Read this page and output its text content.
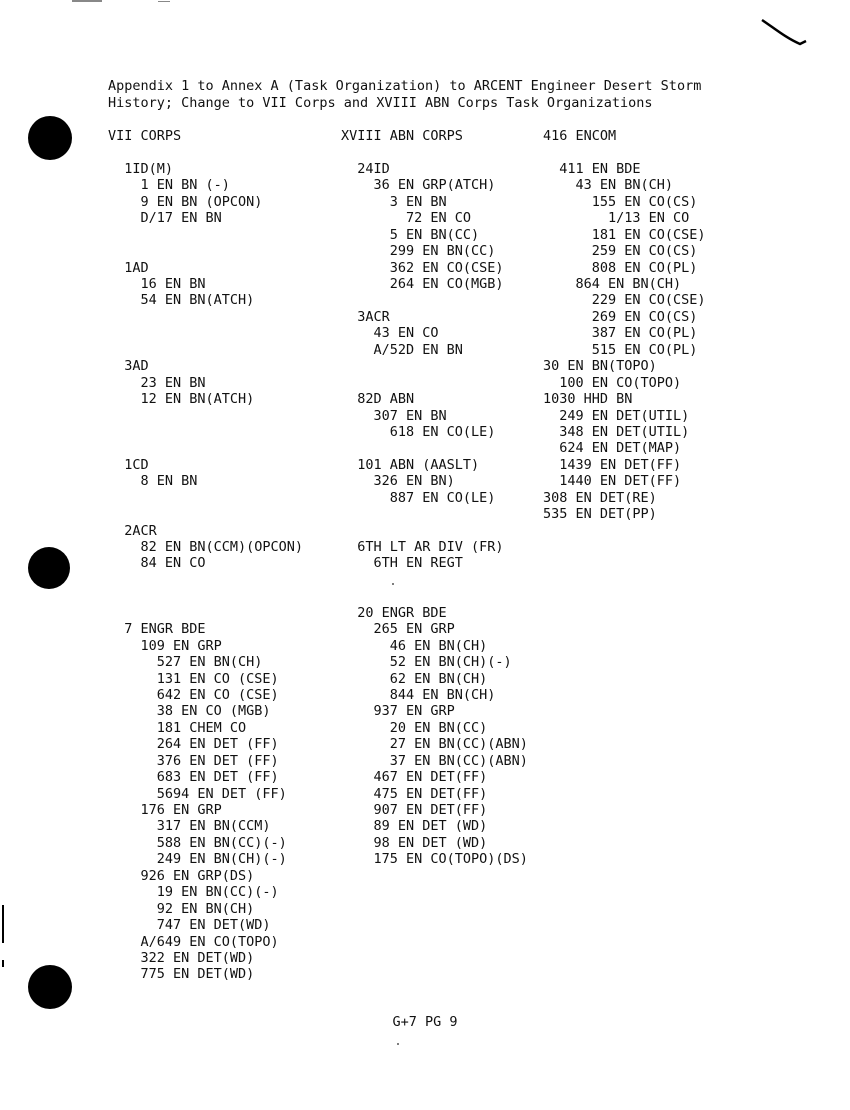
Appendix 1 to Annex A (Task Organization) to ARCENT Engineer Desert Storm
History; Change to VII Corps and XVIII ABN Corps Task Organizations
VII CORPS
1ID(M)
1 EN BN (-)
9 EN BN (OPCON)
D/17 EN BN
1AD
16 EN BN
54 EN BN(ATCH)
3AD
23 EN BN
12 EN BN(ATCH)
1CD
8 EN BN
2ACR
82 EN BN(CCM)(OPCON)
84 EN CO
7 ENGR BDE
109 EN GRP
527 EN BN(CH)
131 EN CO (CSE)
642 EN CO (CSE)
38 EN CO (MGB)
181 CHEM CO
264 EN DET (FF)
376 EN DET (FF)
683 EN DET (FF)
5694 EN DET (FF)
176 EN GRP
317 EN BN(CCM)
588 EN BN(CC)(-)
249 EN BN(CH)(-)
926 EN GRP(DS)
19 EN BN(CC)(-)
92 EN BN(CH)
747 EN DET(WD)
A/649 EN CO(TOPO)
322 EN DET(WD)
775 EN DET(WD)
XVIII ABN CORPS
24ID
36 EN GRP(ATCH)
3 EN BN
72 EN CO
5 EN BN(CC)
299 EN BN(CC)
362 EN CO(CSE)
264 EN CO(MGB)
3ACR
43 EN CO
A/52D EN BN
82D ABN
307 EN BN
618 EN CO(LE)
101 ABN (AASLT)
326 EN BN)
887 EN CO(LE)
6TH LT AR DIV (FR)
6TH EN REGT
20 ENGR BDE
265 EN GRP
46 EN BN(CH)
52 EN BN(CH)(-)
62 EN BN(CH)
844 EN BN(CH)
937 EN GRP
20 EN BN(CC)
27 EN BN(CC)(ABN)
37 EN BN(CC)(ABN)
467 EN DET(FF)
475 EN DET(FF)
907 EN DET(FF)
89 EN DET (WD)
98 EN DET (WD)
175 EN CO(TOPO)(DS)
416 ENCOM
411 EN BDE
43 EN BN(CH)
155 EN CO(CS)
1/13 EN CO
181 EN CO(CSE)
259 EN CO(CS)
808 EN CO(PL)
864 EN BN(CH)
229 EN CO(CSE)
269 EN CO(CS)
387 EN CO(PL)
515 EN CO(PL)
30 EN BN(TOPO)
100 EN CO(TOPO)
1030 HHD BN
249 EN DET(UTIL)
348 EN DET(UTIL)
624 EN DET(MAP)
1439 EN DET(FF)
1440 EN DET(FF)
308 EN DET(RE)
535 EN DET(PP)
G+7 PG 9
